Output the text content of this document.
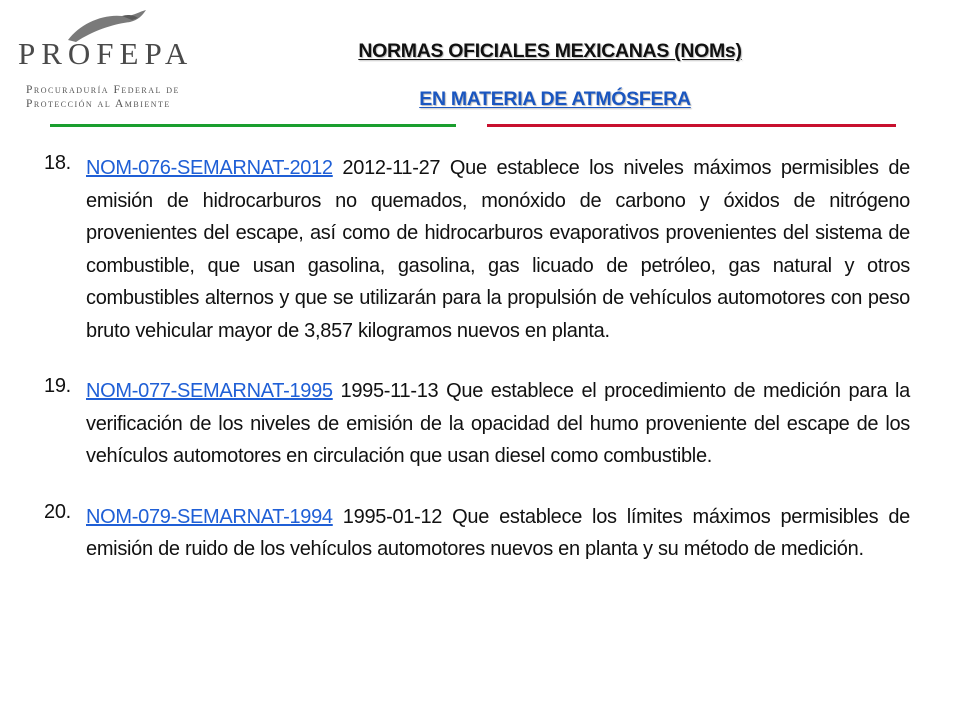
PROFEPA
Procuraduría Federal de
Protección al Ambiente
NORMAS OFICIALES MEXICANAS (NOMs)
EN MATERIA DE ATMÓSFERA
18. NOM-076-SEMARNAT-2012 2012-11-27 Que establece los niveles máximos permisibles de emisión de hidrocarburos no quemados, monóxido de carbono y óxidos de nitrógeno provenientes del escape, así como de hidrocarburos evaporativos provenientes del sistema de combustible, que usan gasolina, gasolina, gas licuado de petróleo, gas natural y otros combustibles alternos y que se utilizarán para la propulsión de vehículos automotores con peso bruto vehicular mayor de 3,857 kilogramos nuevos en planta.
19. NOM-077-SEMARNAT-1995 1995-11-13 Que establece el procedimiento de medición para la verificación de los niveles de emisión de la opacidad del humo proveniente del escape de los vehículos automotores en circulación que usan diesel como combustible.
20. NOM-079-SEMARNAT-1994 1995-01-12 Que establece los límites máximos permisibles de emisión de ruido de los vehículos automotores nuevos en planta y su método de medición.
